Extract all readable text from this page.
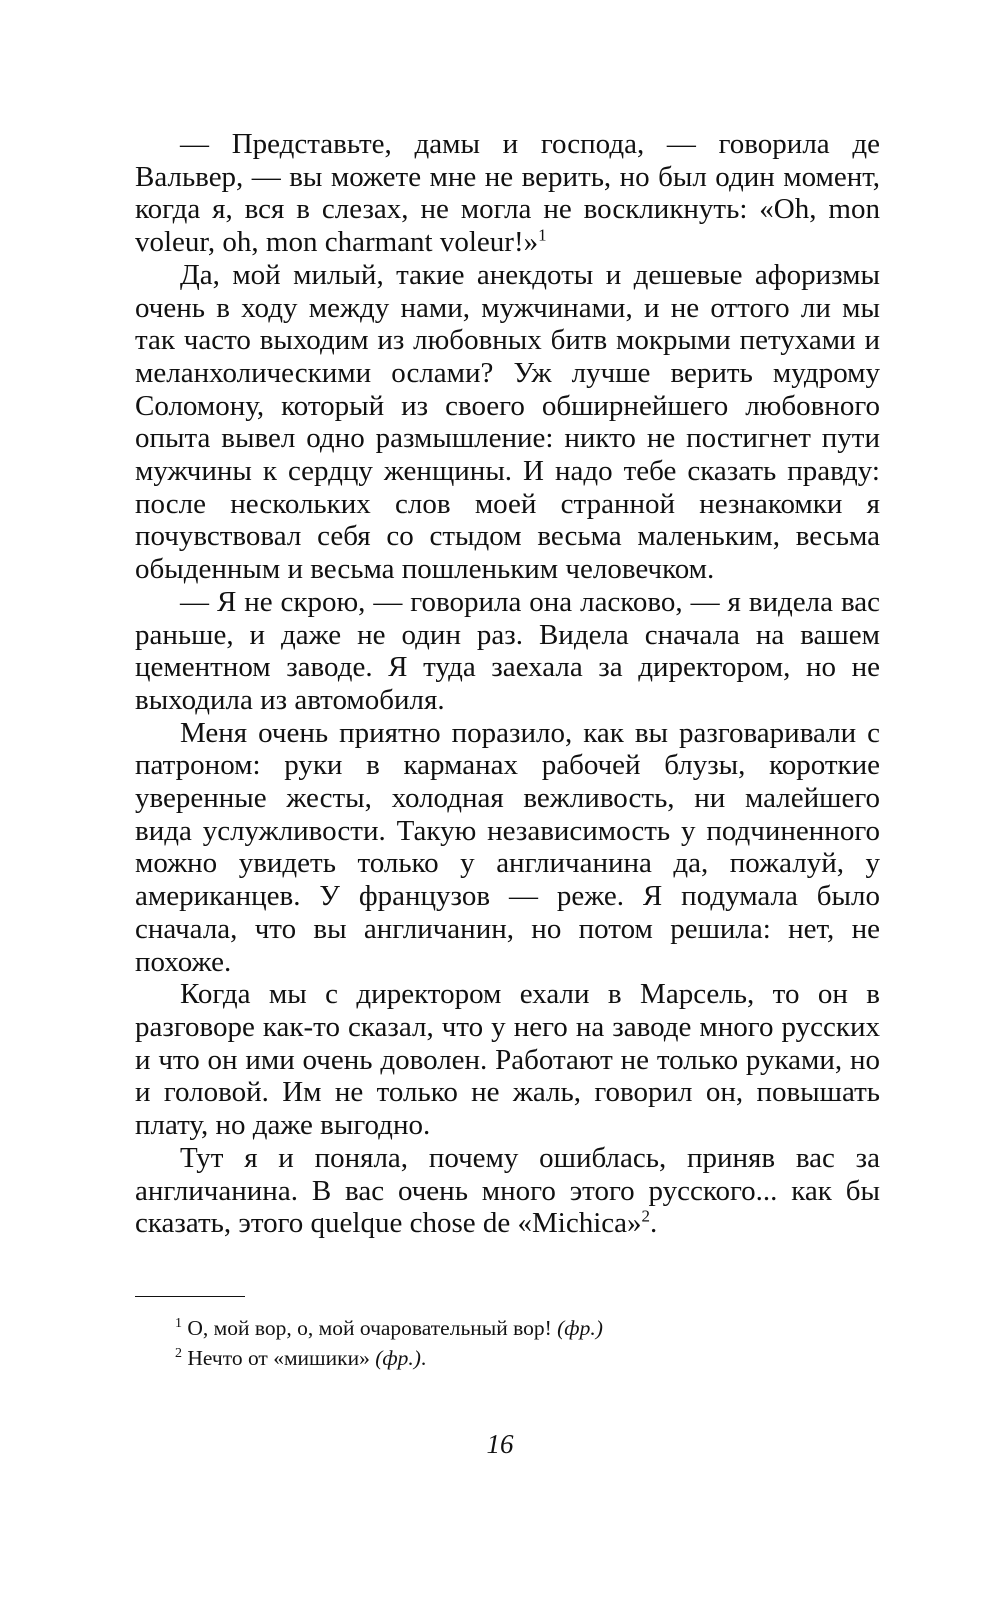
— Представьте, дамы и господа, — говорила де Вальвер, — вы можете мне не верить, но был один момент, когда я, вся в слезах, не могла не воскликнуть: «Oh, mon voleur, oh, mon charmant voleur!»$^1$

Да, мой милый, такие анекдоты и дешевые афоризмы очень в ходу между нами, мужчинами, и не оттого ли мы так часто выходим из любовных битв мокрыми петухами и меланхолическими ослами? Уж лучше верить мудрому Соломону, который из своего обширнейшего любовного опыта вывел одно размышление: никто не постигнет пути мужчины к сердцу женщины. И надо тебе сказать правду: после нескольких слов моей странной незнакомки я почувствовал себя со стыдом весьма маленьким, весьма обыденным и весьма пошленьким человечком.

— Я не скрою, — говорила она ласково, — я видела вас раньше, и даже не один раз. Видела сначала на вашем цементном заводе. Я туда заехала за директором, но не выходила из автомобиля.

Меня очень приятно поразило, как вы разговаривали с патроном: руки в карманах рабочей блузы, короткие уверенные жесты, холодная вежливость, ни малейшего вида услужливости. Такую независимость у подчиненного можно увидеть только у англичанина да, пожалуй, у американцев. У французов — реже. Я подумала было сначала, что вы англичанин, но потом решила: нет, не похоже.

Когда мы с директором ехали в Марсель, то он в разговоре как-то сказал, что у него на заводе много русских и что он ими очень доволен. Работают не только руками, но и головой. Им не только не жаль, говорил он, повышать плату, но даже выгодно.

Тут я и поняла, почему ошиблась, приняв вас за англичанина. В вас очень много этого русского... как бы сказать, этого quelque chose de «Michica»$^2$.

$^1$ О, мой вор, о, мой очаровательный вор! (фр.)

$^2$ Нечто от «мишики» (фр.).

16
